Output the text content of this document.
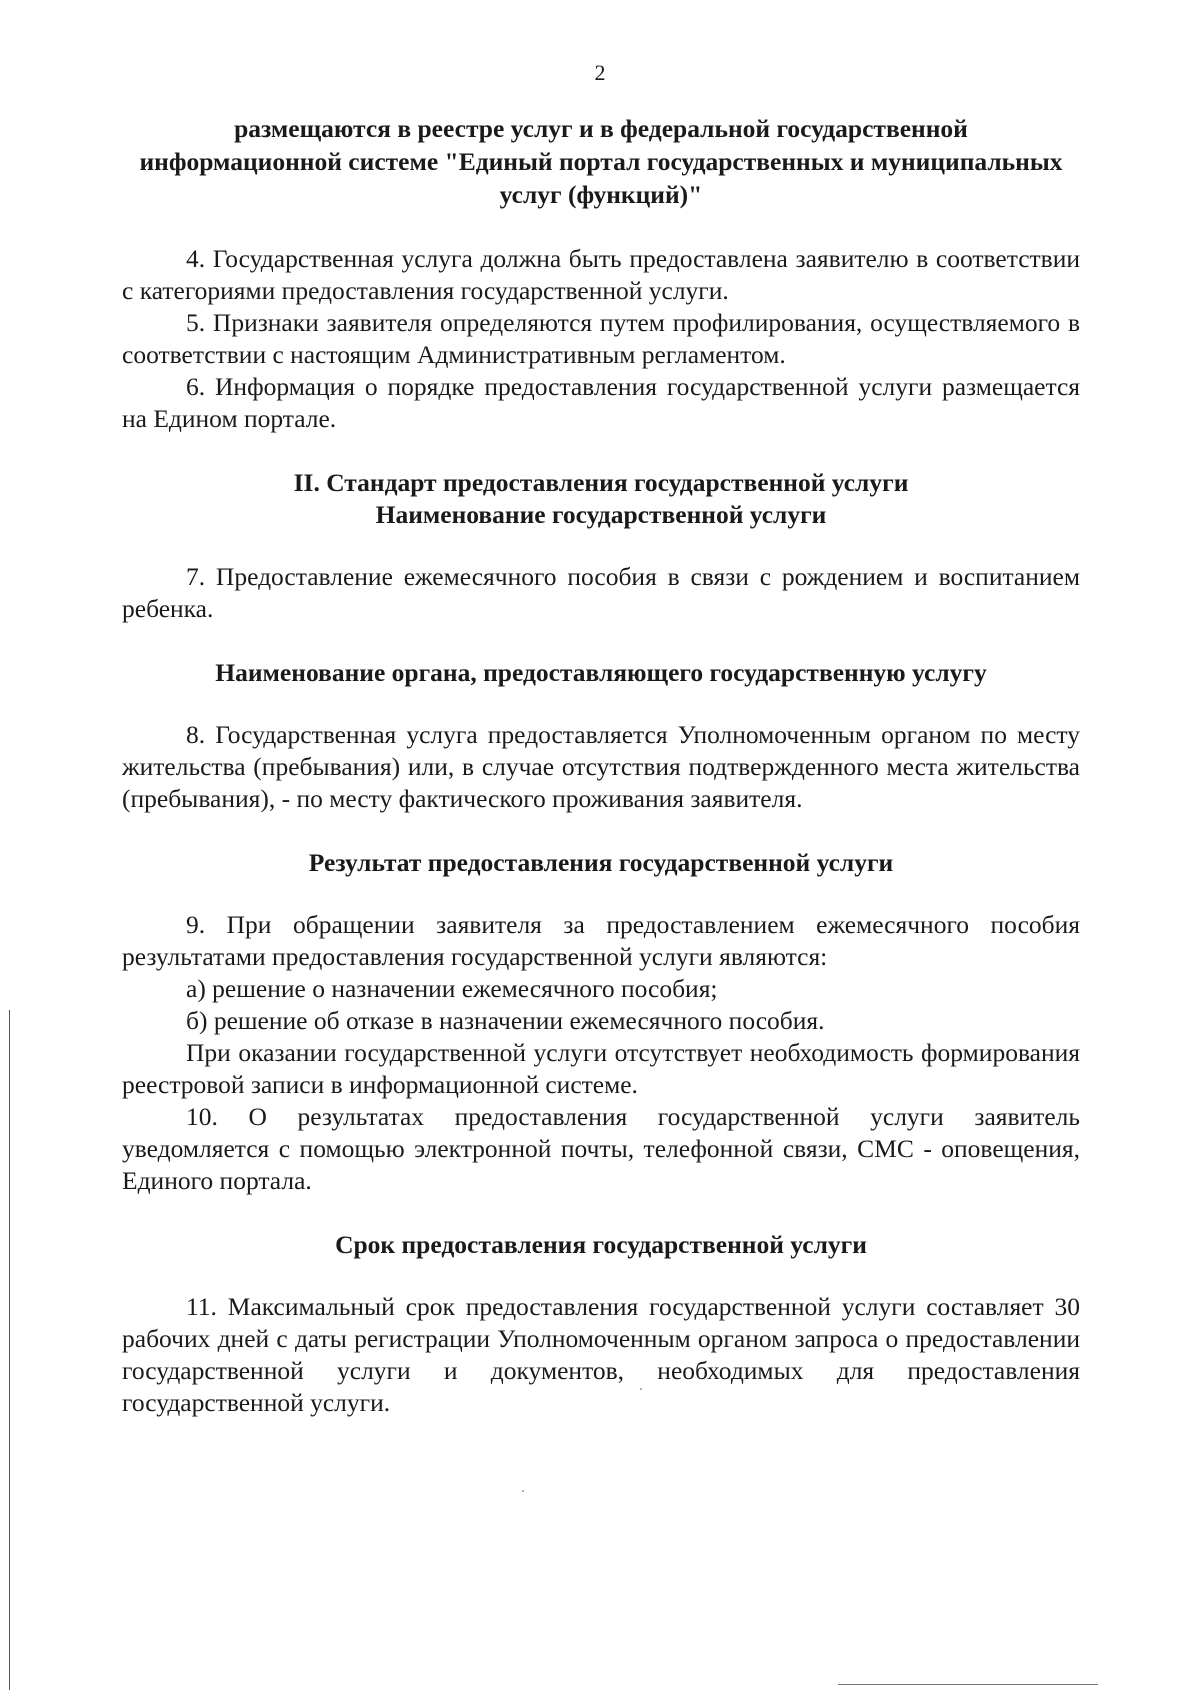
2

размещаются в реестре услуг и в федеральной государственной

информационной системе "Единый портал государственных и муниципальных

услуг (функций)"

4. Государственная услуга должна быть предоставлена заявителю в соответствии с категориями предоставления государственной услуги.

5. Признаки заявителя определяются путем профилирования, осуществляемого в соответствии с настоящим Административным регламентом.

6. Информация о порядке предоставления государственной услуги размещается на Едином портале.

II. Стандарт предоставления государственной услуги

Наименование государственной услуги

7. Предоставление ежемесячного пособия в связи с рождением и воспитанием ребенка.

Наименование органа, предоставляющего государственную услугу

8. Государственная услуга предоставляется Уполномоченным органом по месту жительства (пребывания) или, в случае отсутствия подтвержденного места жительства (пребывания), - по месту фактического проживания заявителя.

Результат предоставления государственной услуги

9. При обращении заявителя за предоставлением ежемесячного пособия результатами предоставления государственной услуги являются:

а) решение о назначении ежемесячного пособия;

б) решение об отказе в назначении ежемесячного пособия.

При оказании государственной услуги отсутствует необходимость формирования реестровой записи в информационной системе.

10. О результатах предоставления государственной услуги заявитель уведомляется с помощью электронной почты, телефонной связи, СМС - оповещения, Единого портала.

Срок предоставления государственной услуги

11. Максимальный срок предоставления государственной услуги составляет 30 рабочих дней с даты регистрации Уполномоченным органом запроса о предоставлении государственной услуги и документов, необходимых для предоставления государственной услуги.
